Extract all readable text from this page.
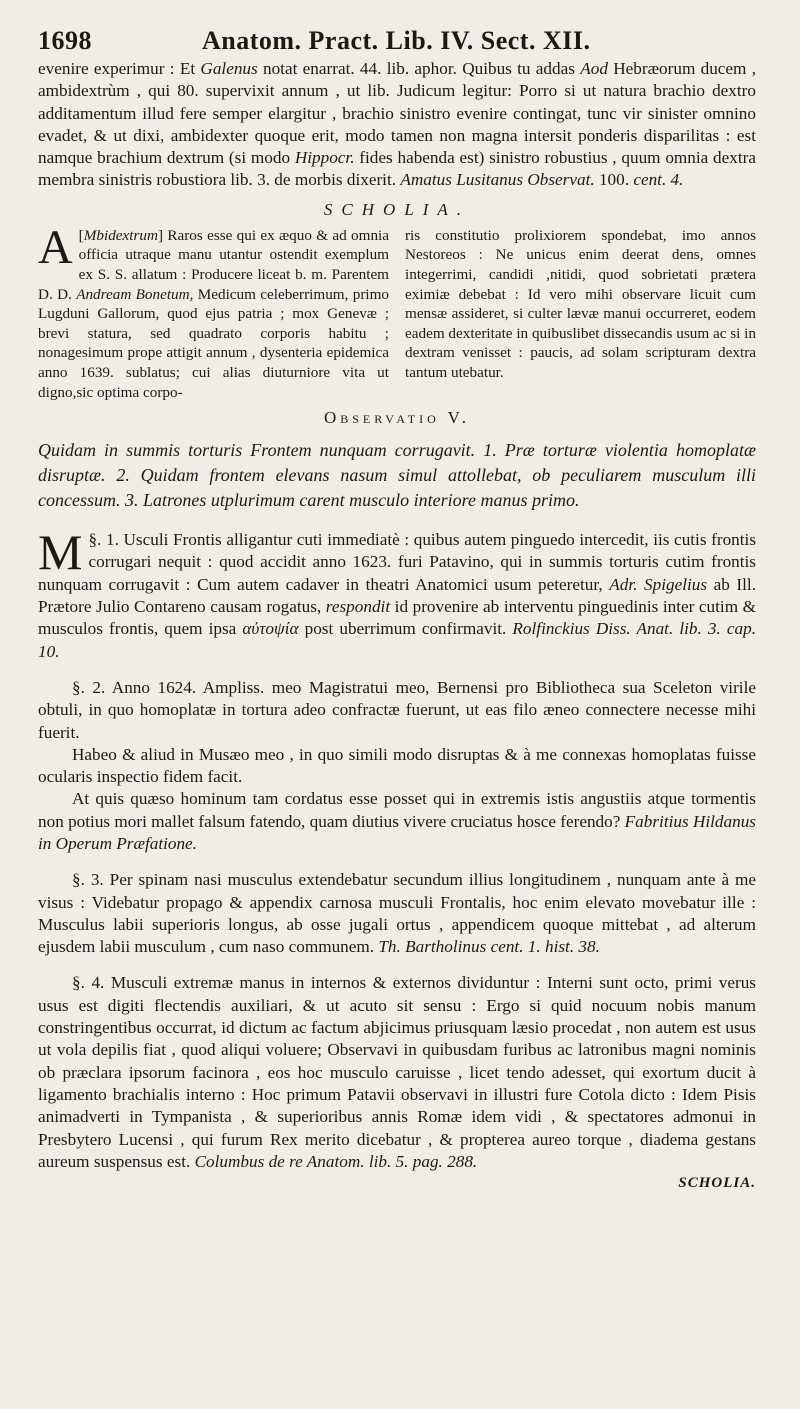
1698	Anatom. Pract. Lib. IV. Sect. XII.

evenire experimur : Et Galenus notat enarrat. 44. lib. aphor. Quibus tu addas Aod Hebræorum ducem , ambidextrùm , qui 80. supervixit annum , ut lib. Judicum legitur: Porro si ut natura brachio dextro additamentum illud fere semper elargitur , brachio sinistro evenire contingat, tunc vir sinister omnino evadet, & ut dixi, ambidexter quoque erit, modo tamen non magna intersit ponderis disparilitas : est namque brachium dextrum (si modo Hippocr. fides habenda est) sinistro robustius , quum omnia dextra membra sinistris robustiora lib. 3. de morbis dixerit. Amatus Lusitanus Observat. 100. cent. 4.

SCHOLIA.
A [Mbidextrum] Raros esse qui ex æquo & ad omnia officia utraque manu utantur ostendit exemplum ex S. S. allatum : Producere liceat b. m. Parentem D. D. Andream Bonetum, Medicum celeberrimum, primo Lugduni Gallorum, quod ejus patria ; mox Genevæ ; brevi statura, sed quadrato corporis habitu ; nonagesimum prope attigit annum , dysenteria epidemica anno 1639. sublatus; cui alias diuturniore vita ut digno,sic optima corpo-
ris constitutio prolixiorem spondebat, imo annos Nestoreos : Ne unicus enim deerat dens, omnes integerrimi, candidi ,nitidi, quod sobrietati prætera eximiæ debebat : Id vero mihi observare licuit cum mensæ assideret, si culter lævæ manui occurreret, eodem eadem dexteritate in quibuslibet dissecandis usum ac si in dextram venisset : paucis, ad solam scripturam dextra tantum utebatur.
Observatio V.

Quidam in summis torturis Frontem nunquam corrugavit. 1. Præ torturæ violentia homoplatæ disruptæ. 2. Quidam frontem elevans nasum simul attollebat, ob peculiarem musculum illi concessum. 3. Latrones utplurimum carent musculo interiore manus primo.

§. 1.
M Usculi Frontis alligantur cuti immediatè : quibus autem pinguedo intercedit, iis cutis frontis corrugari nequit : quod accidit anno 1623. furi Patavino, qui in summis torturis cutim frontis nunquam corrugavit : Cum autem cadaver in theatri Anatomici usum peteretur, Adr. Spigelius ab Ill. Prætore Julio Contareno causam rogatus, respondit id provenire ab interventu pinguedinis inter cutim & musculos frontis, quem ipsa αὐτοψία post uberrimum confirmavit. Rolfinckius Diss. Anat. lib. 3. cap. 10.

§. 2. Anno 1624. Ampliss. meo Magistratui meo, Bernensi pro Bibliotheca sua Sceleton virile obtuli, in quo homoplatæ in tortura adeo confractæ fuerunt, ut eas filo æneo connectere necesse mihi fuerit.

Habeo & aliud in Musæo meo , in quo simili modo disruptas & à me connexas homoplatas fuisse ocularis inspectio fidem facit.

At quis quæso hominum tam cordatus esse posset qui in extremis istis angustiis atque tormentis non potius mori mallet falsum fatendo, quam diutius vivere cruciatus hosce ferendo? Fabritius Hildanus in Operum Præfatione.

§. 3. Per spinam nasi musculus extendebatur secundum illius longitudinem , nunquam ante à me visus : Videbatur propago & appendix carnosa musculi Frontalis, hoc enim elevato movebatur ille : Musculus labii superioris longus, ab osse jugali ortus , appendicem quoque mittebat , ad alterum ejusdem labii musculum , cum naso communem. Th. Bartholinus cent. 1. hist. 38.

§. 4. Musculi extremæ manus in internos & externos dividuntur : Interni sunt octo, primi verus usus est digiti flectendis auxiliari, & ut acuto sit sensu : Ergo si quid nocuum nobis manum constringentibus occurrat, id dictum ac factum abjicimus priusquam læsio procedat , non autem est usus ut vola depilis fiat , quod aliqui voluere; Observavi in quibusdam furibus ac latronibus magni nominis ob præclara ipsorum facinora , eos hoc musculo caruisse , licet tendo adesset, qui exortum ducit à ligamento brachialis interno : Hoc primum Patavii observavi in illustri fure Cotola dicto : Idem Pisis animadverti in Tympanista , & superioribus annis Romæ idem vidi , & spectatores admonui in Presbytero Lucensi , qui furum Rex merito dicebatur , & propterea aureo torque , diadema gestans aureum suspensus est. Columbus de re Anatom. lib. 5. pag. 288.

SCHOLIA.
